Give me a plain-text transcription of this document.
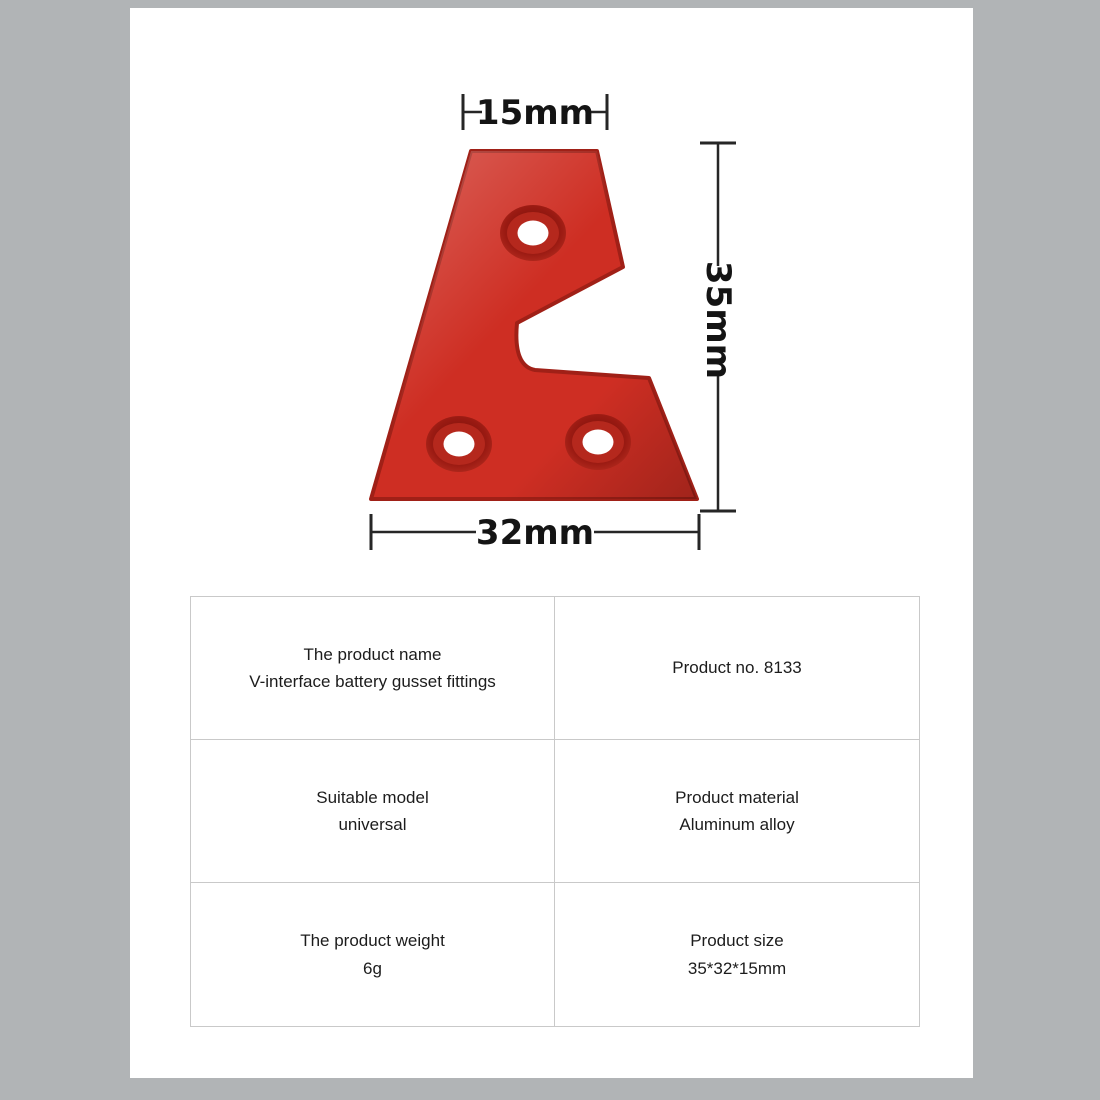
15mm
35mm
32mm
The product name
V-interface battery gusset fittings
Product no. 8133
Suitable model
universal
Product material
Aluminum alloy
The product weight
6g
Product size
35*32*15mm
